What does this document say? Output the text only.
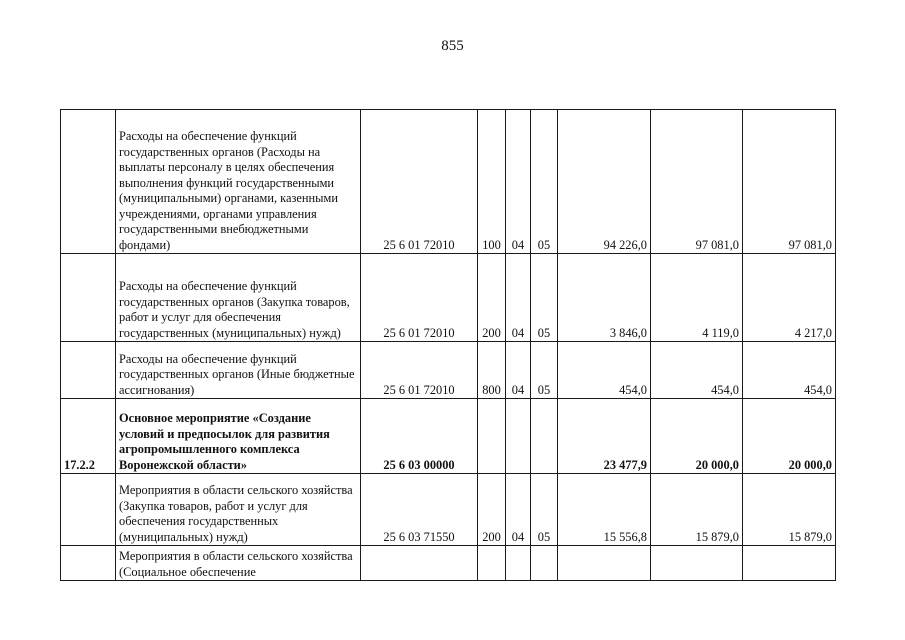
855
	Расходы на обеспечение функций государственных органов (Расходы на выплаты персоналу в целях обеспечения выполнения функций государственными (муниципальными) органами, казенными учреждениями, органами управления государственными внебюджетными фондами)	25 6 01 72010	100	04	05	94 226,0	97 081,0	97 081,0
	Расходы на обеспечение функций государственных органов (Закупка товаров, работ и услуг для обеспечения государственных (муниципальных) нужд)	25 6 01 72010	200	04	05	3 846,0	4 119,0	4 217,0
	Расходы на обеспечение функций государственных органов (Иные бюджетные ассигнования)	25 6 01 72010	800	04	05	454,0	454,0	454,0
17.2.2	Основное мероприятие «Создание условий и предпосылок для развития агропромышленного комплекса Воронежской области»	25 6 03 00000				23 477,9	20 000,0	20 000,0
	Мероприятия в области сельского хозяйства (Закупка товаров, работ и услуг для обеспечения государственных (муниципальных) нужд)	25 6 03 71550	200	04	05	15 556,8	15 879,0	15 879,0
	Мероприятия в области сельского хозяйства (Социальное обеспечение							
